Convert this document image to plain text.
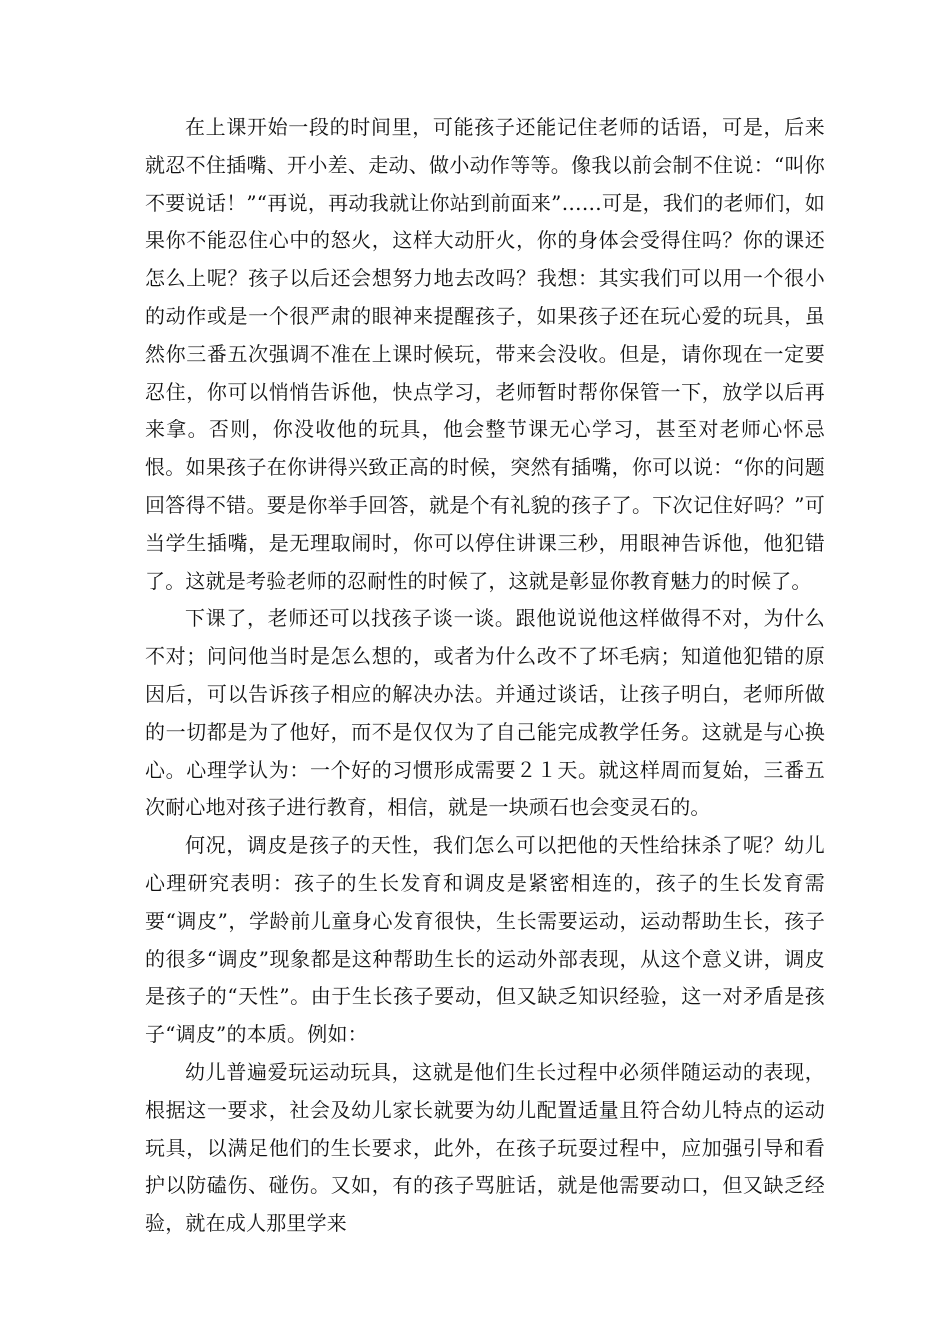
在上课开始一段的时间里，可能孩子还能记住老师的话语，可是，后来就忍不住插嘴、开小差、走动、做小动作等等。像我以前会制不住说：“叫你不要说话！”“再说，再动我就让你站到前面来”……可是，我们的老师们，如果你不能忍住心中的怒火，这样大动肝火，你的身体会受得住吗？你的课还怎么上呢？孩子以后还会想努力地去改吗？我想：其实我们可以用一个很小的动作或是一个很严肃的眼神来提醒孩子，如果孩子还在玩心爱的玩具，虽然你三番五次强调不准在上课时候玩，带来会没收。但是，请你现在一定要忍住，你可以悄悄告诉他，快点学习，老师暂时帮你保管一下，放学以后再来拿。否则，你没收他的玩具，他会整节课无心学习，甚至对老师心怀忌恨。如果孩子在你讲得兴致正高的时候，突然有插嘴，你可以说：“你的问题回答得不错。要是你举手回答，就是个有礼貌的孩子了。下次记住好吗？”可当学生插嘴，是无理取闹时，你可以停住讲课三秒，用眼神告诉他，他犯错了。这就是考验老师的忍耐性的时候了，这就是彰显你教育魅力的时候了。

下课了，老师还可以找孩子谈一谈。跟他说说他这样做得不对，为什么不对；问问他当时是怎么想的，或者为什么改不了坏毛病；知道他犯错的原因后，可以告诉孩子相应的解决办法。并通过谈话，让孩子明白，老师所做的一切都是为了他好，而不是仅仅为了自己能完成教学任务。这就是与心换心。心理学认为：一个好的习惯形成需要２１天。就这样周而复始，三番五次耐心地对孩子进行教育，相信，就是一块顽石也会变灵石的。

何况，调皮是孩子的天性，我们怎么可以把他的天性给抹杀了呢？幼儿心理研究表明：孩子的生长发育和调皮是紧密相连的，孩子的生长发育需要“调皮”，学龄前儿童身心发育很快，生长需要运动，运动帮助生长，孩子的很多“调皮”现象都是这种帮助生长的运动外部表现，从这个意义讲，调皮是孩子的“天性”。由于生长孩子要动，但又缺乏知识经验，这一对矛盾是孩子“调皮”的本质。例如：

幼儿普遍爱玩运动玩具，这就是他们生长过程中必须伴随运动的表现，根据这一要求，社会及幼儿家长就要为幼儿配置适量且符合幼儿特点的运动玩具，以满足他们的生长要求，此外，在孩子玩耍过程中，应加强引导和看护以防磕伤、碰伤。又如，有的孩子骂脏话，就是他需要动口，但又缺乏经验，就在成人那里学来
